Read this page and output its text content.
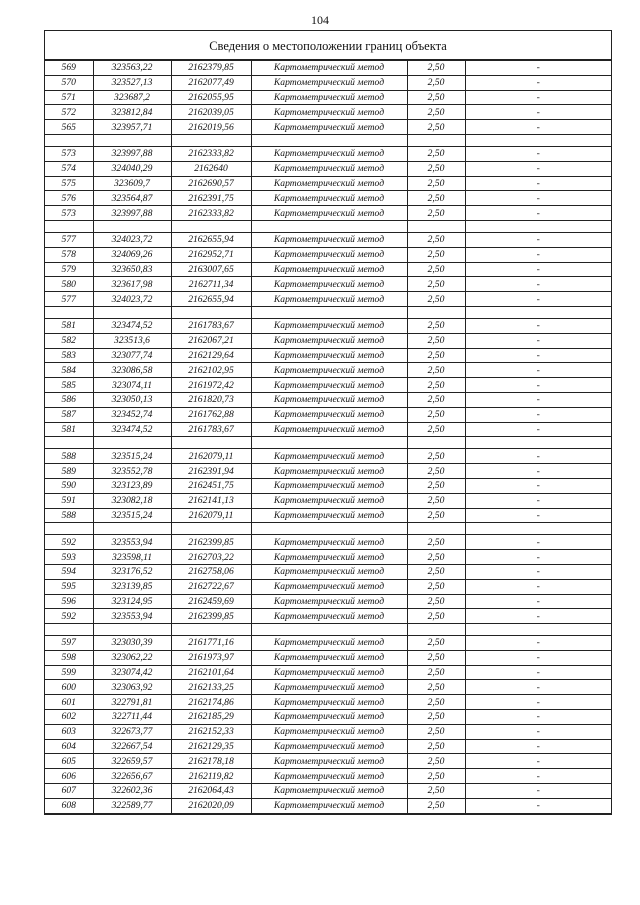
104
Сведения о местоположении границ объекта
569	323563,22	2162379,85	Картометрический метод	2,50	-
570	323527,13	2162077,49	Картометрический метод	2,50	-
571	323687,2	2162055,95	Картометрический метод	2,50	-
572	323812,84	2162039,05	Картометрический метод	2,50	-
565	323957,71	2162019,56	Картометрический метод	2,50	-

573	323997,88	2162333,82	Картометрический метод	2,50	-
574	324040,29	2162640	Картометрический метод	2,50	-
575	323609,7	2162690,57	Картометрический метод	2,50	-
576	323564,87	2162391,75	Картометрический метод	2,50	-
573	323997,88	2162333,82	Картометрический метод	2,50	-

577	324023,72	2162655,94	Картометрический метод	2,50	-
578	324069,26	2162952,71	Картометрический метод	2,50	-
579	323650,83	2163007,65	Картометрический метод	2,50	-
580	323617,98	2162711,34	Картометрический метод	2,50	-
577	324023,72	2162655,94	Картометрический метод	2,50	-

581	323474,52	2161783,67	Картометрический метод	2,50	-
582	323513,6	2162067,21	Картометрический метод	2,50	-
583	323077,74	2162129,64	Картометрический метод	2,50	-
584	323086,58	2162102,95	Картометрический метод	2,50	-
585	323074,11	2161972,42	Картометрический метод	2,50	-
586	323050,13	2161820,73	Картометрический метод	2,50	-
587	323452,74	2161762,88	Картометрический метод	2,50	-
581	323474,52	2161783,67	Картометрический метод	2,50	-

588	323515,24	2162079,11	Картометрический метод	2,50	-
589	323552,78	2162391,94	Картометрический метод	2,50	-
590	323123,89	2162451,75	Картометрический метод	2,50	-
591	323082,18	2162141,13	Картометрический метод	2,50	-
588	323515,24	2162079,11	Картометрический метод	2,50	-

592	323553,94	2162399,85	Картометрический метод	2,50	-
593	323598,11	2162703,22	Картометрический метод	2,50	-
594	323176,52	2162758,06	Картометрический метод	2,50	-
595	323139,85	2162722,67	Картометрический метод	2,50	-
596	323124,95	2162459,69	Картометрический метод	2,50	-
592	323553,94	2162399,85	Картометрический метод	2,50	-

597	323030,39	2161771,16	Картометрический метод	2,50	-
598	323062,22	2161973,97	Картометрический метод	2,50	-
599	323074,42	2162101,64	Картометрический метод	2,50	-
600	323063,92	2162133,25	Картометрический метод	2,50	-
601	322791,81	2162174,86	Картометрический метод	2,50	-
602	322711,44	2162185,29	Картометрический метод	2,50	-
603	322673,77	2162152,33	Картометрический метод	2,50	-
604	322667,54	2162129,35	Картометрический метод	2,50	-
605	322659,57	2162178,18	Картометрический метод	2,50	-
606	322656,67	2162119,82	Картометрический метод	2,50	-
607	322602,36	2162064,43	Картометрический метод	2,50	-
608	322589,77	2162020,09	Картометрический метод	2,50	-
